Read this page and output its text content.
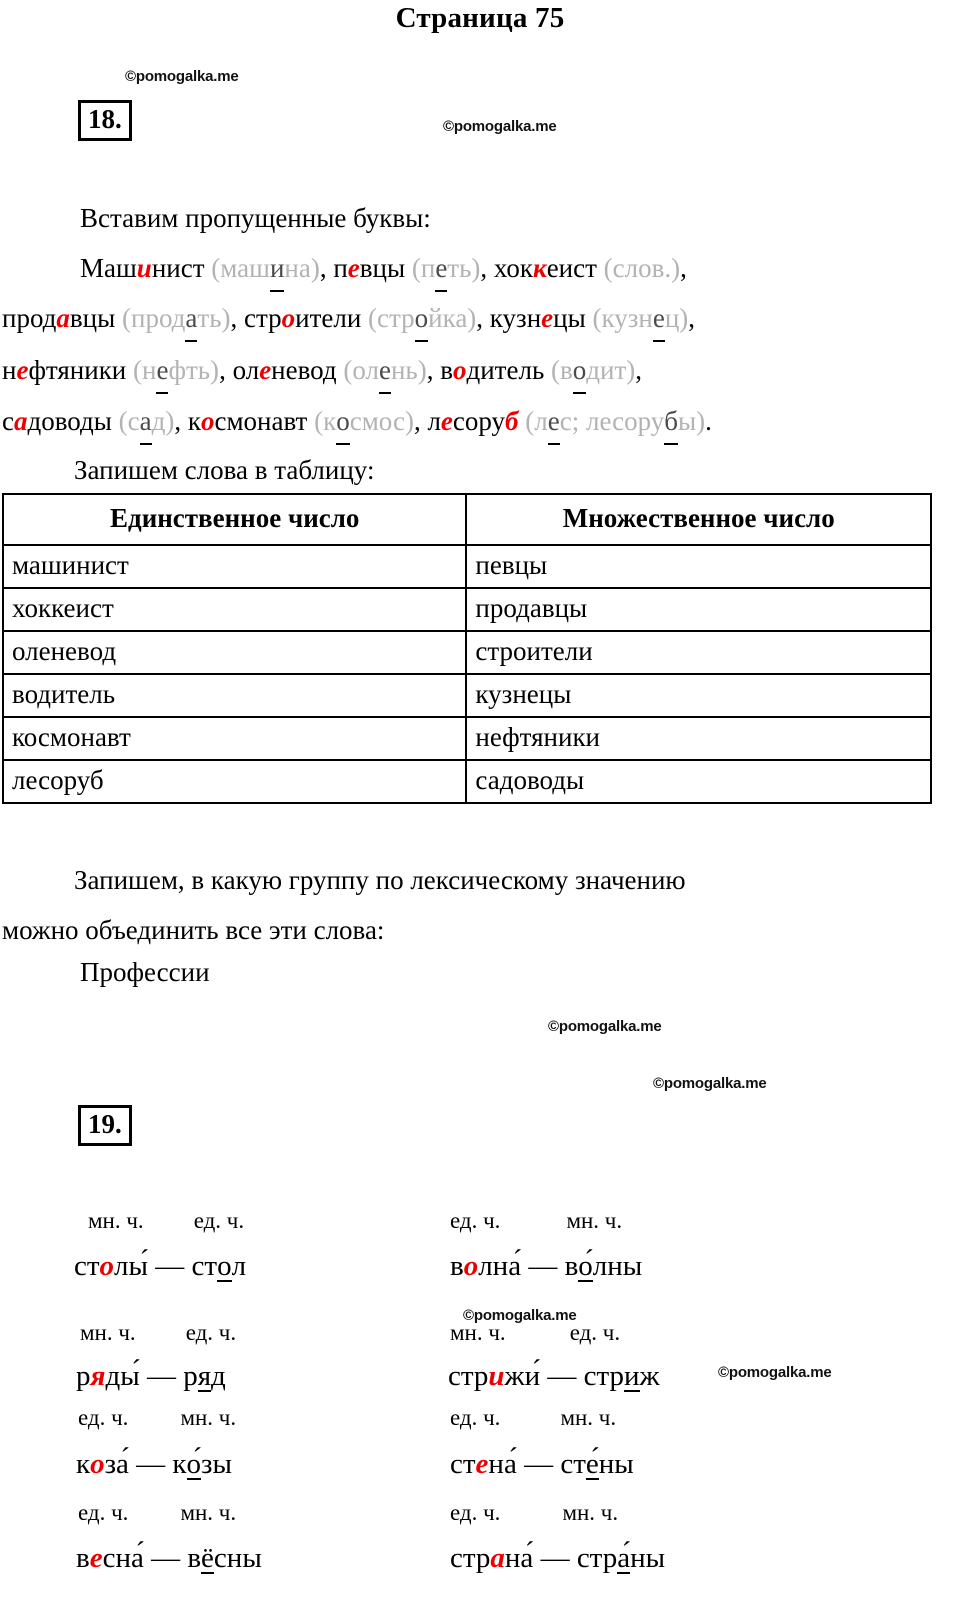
Страница 75
©pomogalka.me
©pomogalka.me
©pomogalka.me
©pomogalka.me
©pomogalka.me
©pomogalka.me
18.
Вставим пропущенные буквы:
Машинист (машина), певцы (петь), хоккеист (слов.),
продавцы (продать), строители (стройка), кузнецы (кузнец),
нефтяники (нефть), оленевод (олень), водитель (водит),
садоводы (сад), космонавт (космос), лесоруб (лес; лесорубы).
Запишем слова в таблицу:
Единственное число	Множественное число
машинист	певцы
хоккеист	продавцы
оленевод	строители
водитель	кузнецы
космонавт	нефтяники
лесоруб	садоводы
Запишем, в какую группу по лексическому значению
можно объединить все эти слова:
Профессии
19.
мн. ч. ед. ч.
столы́ — стол
мн. ч. ед. ч.
ряды́ — ряд
ед. ч. мн. ч.
коза́ — ко́зы
ед. ч. мн. ч.
весна́ — вёсны
ед. ч.	мн. ч.
волна́ — во́лны
мн. ч.	ед. ч.
стрижи́ — стриж
ед. ч.	мн. ч.
стена́ — сте́ны
ед. ч.	мн. ч.
страна́ — стра́ны
